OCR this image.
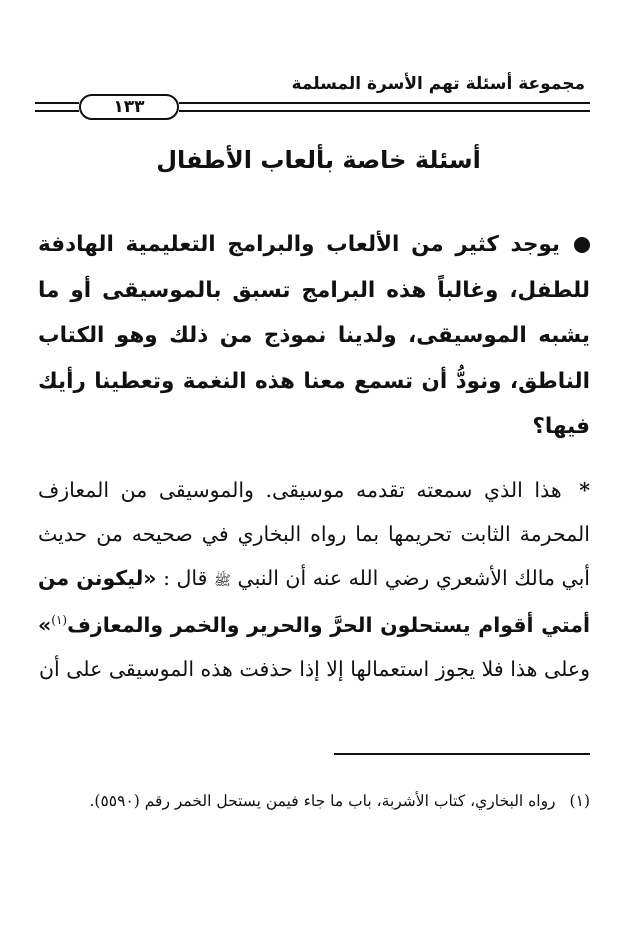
مجموعة أسئلة تهم الأسرة المسلمة
١٣٣
أسئلة خاصة بألعاب الأطفال
يوجد كثير من الألعاب والبرامج التعليمية الهادفة للطفل، وغالباً هذه البرامج تسبق بالموسيقى أو ما يشبه الموسيقى، ولدينا نموذج من ذلك وهو الكتاب الناطق، ونودُّ أن تسمع معنا هذه النغمة وتعطينا رأيك فيها؟
* هذا الذي سمعته تقدمه موسيقى. والموسيقى من المعازف المحرمة الثابت تحريمها بما رواه البخاري في صحيحه من حديث أبي مالك الأشعري رضي الله عنه أن النبي ﷺ قال : «ليكونن من أمتي أقوام يستحلون الحرَّ والحرير والخمر والمعازف$^{(١)}$» وعلى هذا فلا يجوز استعمالها إلا إذا حذفت هذه الموسيقى على أن
(١)رواه البخاري، كتاب الأشربة، باب ما جاء فيمن يستحل الخمر رقم (٥٥٩٠).
